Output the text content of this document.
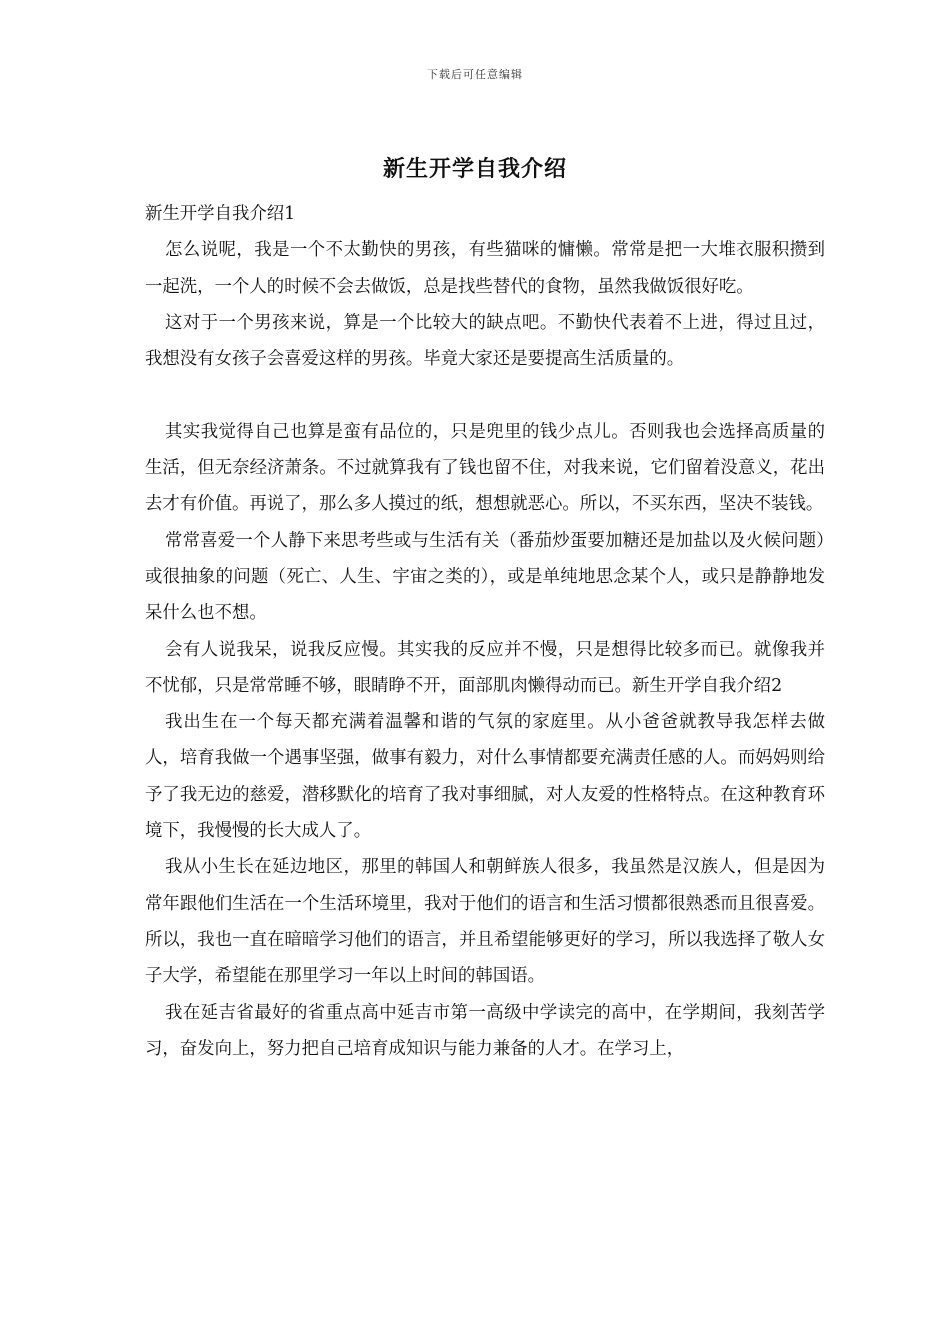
下载后可任意编辑
新生开学自我介绍

新生开学自我介绍1

怎么说呢，我是一个不太勤快的男孩，有些猫咪的慵懒。常常是把一大堆衣服积攒到一起洗，一个人的时候不会去做饭，总是找些替代的食物，虽然我做饭很好吃。

这对于一个男孩来说，算是一个比较大的缺点吧。不勤快代表着不上进，得过且过，我想没有女孩子会喜爱这样的男孩。毕竟大家还是要提高生活质量的。

其实我觉得自己也算是蛮有品位的，只是兜里的钱少点儿。否则我也会选择高质量的生活，但无奈经济萧条。不过就算我有了钱也留不住，对我来说，它们留着没意义，花出去才有价值。再说了，那么多人摸过的纸，想想就恶心。所以，不买东西，坚决不装钱。

常常喜爱一个人静下来思考些或与生活有关（番茄炒蛋要加糖还是加盐以及火候问题）或很抽象的问题（死亡、人生、宇宙之类的），或是单纯地思念某个人，或只是静静地发呆什么也不想。

会有人说我呆，说我反应慢。其实我的反应并不慢，只是想得比较多而已。就像我并不忧郁，只是常常睡不够，眼睛睁不开，面部肌肉懒得动而已。新生开学自我介绍2

我出生在一个每天都充满着温馨和谐的气氛的家庭里。从小爸爸就教导我怎样去做人，培育我做一个遇事坚强，做事有毅力，对什么事情都要充满责任感的人。而妈妈则给予了我无边的慈爱，潜移默化的培育了我对事细腻，对人友爱的性格特点。在这种教育环境下，我慢慢的长大成人了。

我从小生长在延边地区，那里的韩国人和朝鲜族人很多，我虽然是汉族人，但是因为常年跟他们生活在一个生活环境里，我对于他们的语言和生活习惯都很熟悉而且很喜爱。所以，我也一直在暗暗学习他们的语言，并且希望能够更好的学习，所以我选择了敬人女子大学，希望能在那里学习一年以上时间的韩国语。

我在延吉省最好的省重点高中延吉市第一高级中学读完的高中，在学期间，我刻苦学习，奋发向上，努力把自己培育成知识与能力兼备的人才。在学习上，
